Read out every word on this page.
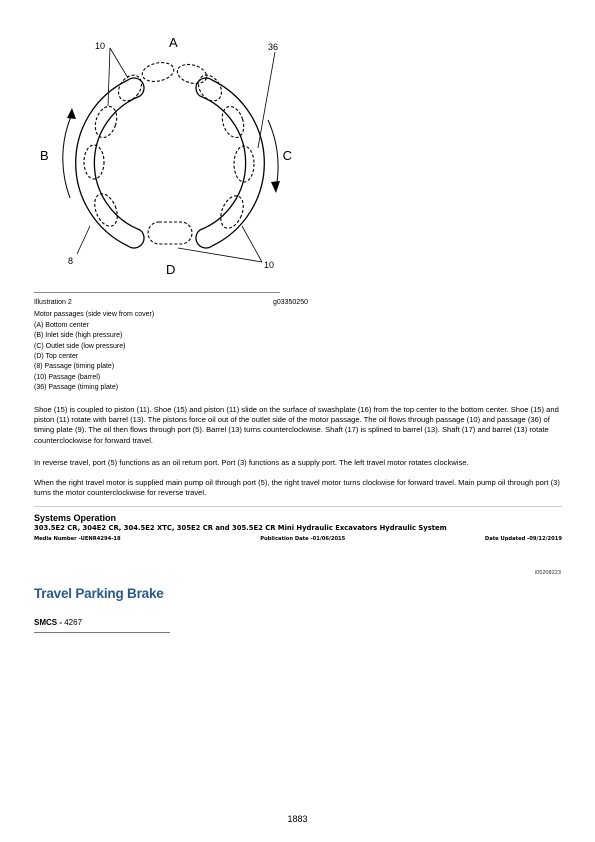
A
B	C
D
10	36
8	10
Illustration 2	g03350250
Motor passages (side view from cover)
(A) Bottom center
(B) Inlet side (high pressure)
(C) Outlet side (low pressure)
(D) Top center
(8) Passage (timing plate)
(10) Passage (barrel)
(36) Passage (timing plate)
Shoe (15) is coupled to piston (11). Shoe (15) and piston (11) slide on the surface of swashplate (16) from the top center to the bottom center. Shoe (15) and piston (11) rotate with barrel (13). The pistons force oil out of the outlet side of the motor passage. The oil flows through passage (10) and passage (36) of timing plate (9). The oil then flows through port (5). Barrel (13) turns counterclockwise. Shaft (17) is splined to barrel (13). Shaft (17) and barrel (13) rotate counterclockwise for forward travel.
In reverse travel, port (5) functions as an oil return port. Port (3) functions as a supply port. The left travel motor rotates clockwise.
When the right travel motor is supplied main pump oil through port (5), the right travel motor turns clockwise for forward travel. Main pump oil through port (3) turns the motor counterclockwise for reverse travel.
Systems Operation
303.5E2 CR, 304E2 CR, 304.5E2 XTC, 305E2 CR and 305.5E2 CR Mini Hydraulic Excavators Hydraulic System
Media Number -UENR4294-18	Publication Date -01/06/2015	Date Updated -09/12/2019
i05208223
Travel Parking Brake
SMCS - 4267
1883
